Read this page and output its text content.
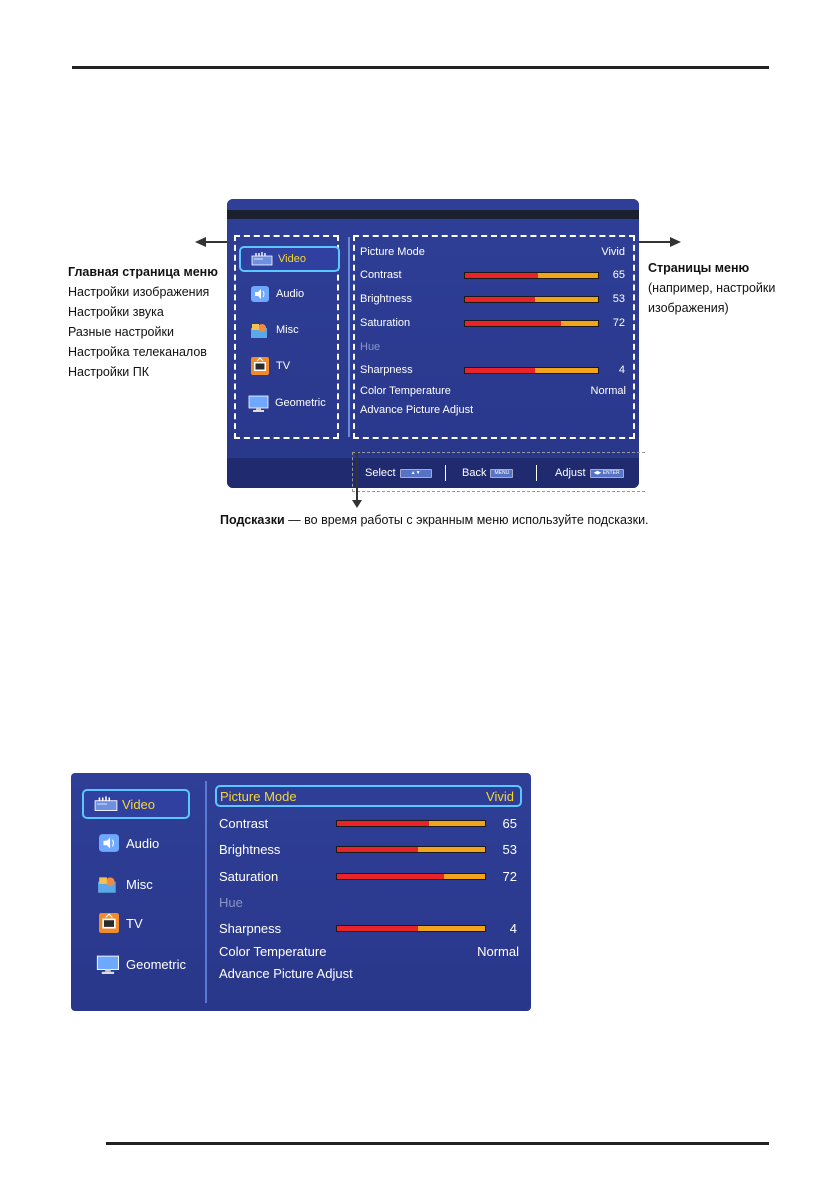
Главная страница меню
Настройки изображения
Настройки звука
Разные настройки
Настройка телеканалов
Настройки ПК
Страницы меню
(например, настройки
изображения)
Подсказки — во время работы с экранным меню используйте подсказки.
Video
Audio
Misc
TV
Geometric
Picture Mode	Vivid
Contrast	65
Brightness	53
Saturation	72
Hue
Sharpness	4
Color Temperature	Normal
Advance Picture Adjust
Select	▲▼	Back	MENU	Adjust	◀▶ ENTER
Video
Audio
Misc
TV
Geometric
Picture Mode	Vivid
Contrast	65
Brightness	53
Saturation	72
Hue
Sharpness	4
Color Temperature	Normal
Advance Picture Adjust
